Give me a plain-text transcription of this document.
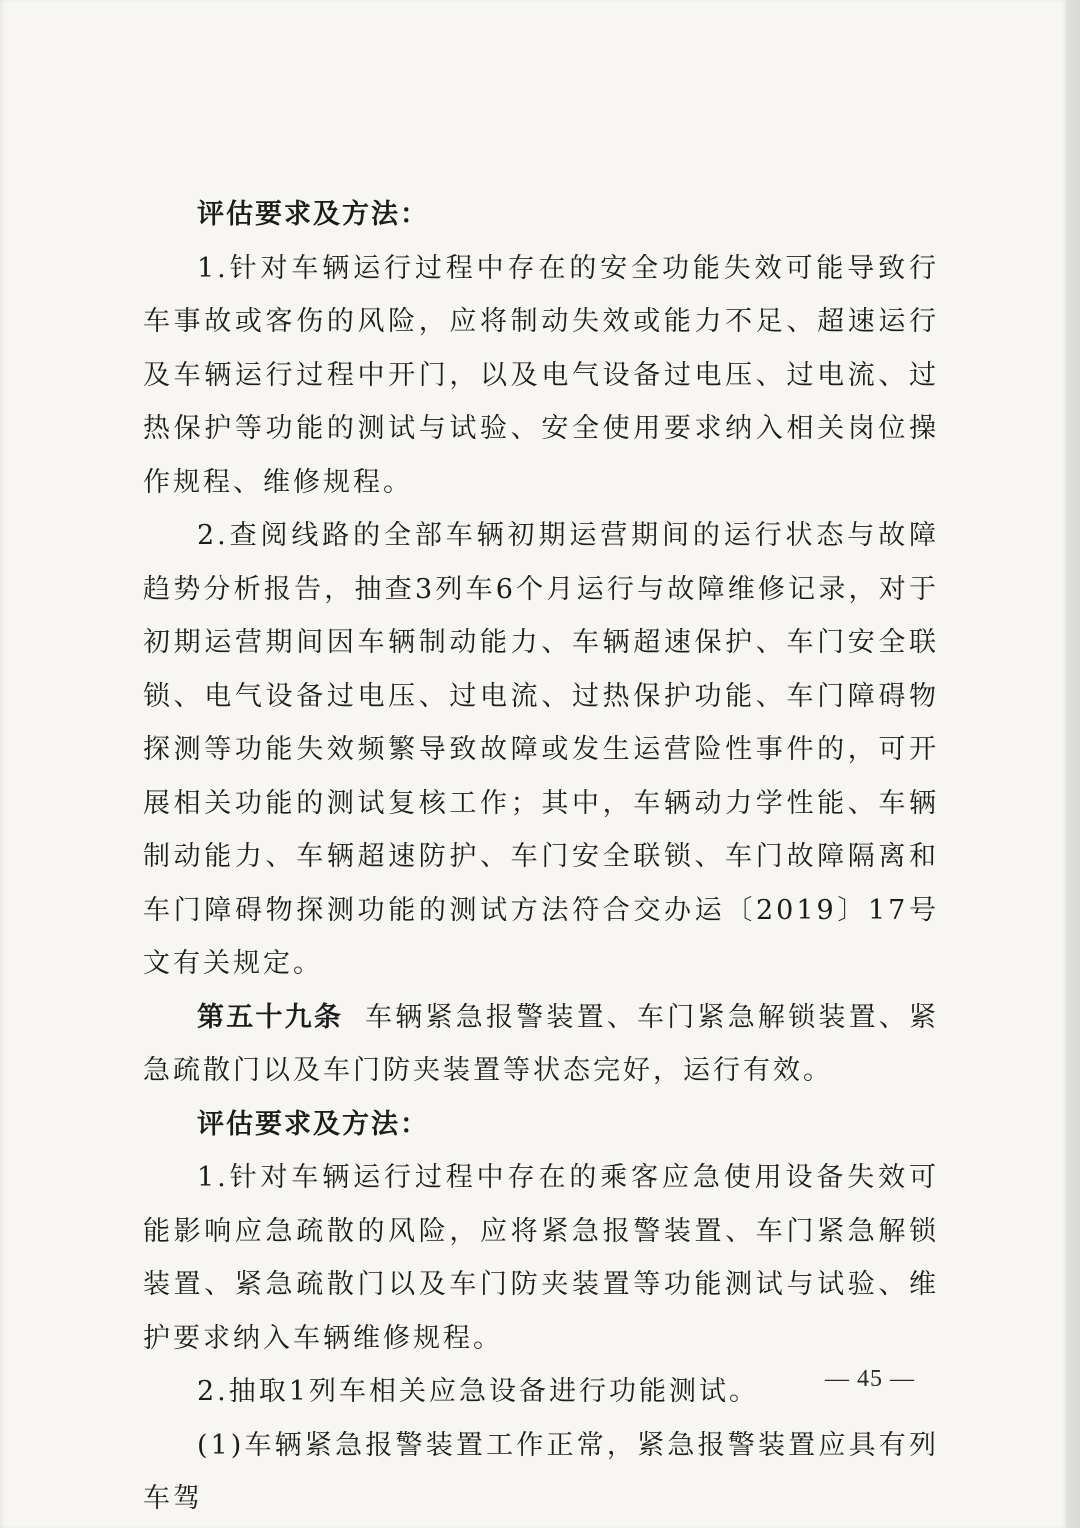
评估要求及方法：

1.针对车辆运行过程中存在的安全功能失效可能导致行车事故或客伤的风险，应将制动失效或能力不足、超速运行及车辆运行过程中开门，以及电气设备过电压、过电流、过热保护等功能的测试与试验、安全使用要求纳入相关岗位操作规程、维修规程。

2.查阅线路的全部车辆初期运营期间的运行状态与故障趋势分析报告，抽查3列车6个月运行与故障维修记录，对于初期运营期间因车辆制动能力、车辆超速保护、车门安全联锁、电气设备过电压、过电流、过热保护功能、车门障碍物探测等功能失效频繁导致故障或发生运营险性事件的，可开展相关功能的测试复核工作；其中，车辆动力学性能、车辆制动能力、车辆超速防护、车门安全联锁、车门故障隔离和车门障碍物探测功能的测试方法符合交办运〔2019〕17号文有关规定。

第五十九条 车辆紧急报警装置、车门紧急解锁装置、紧急疏散门以及车门防夹装置等状态完好，运行有效。

评估要求及方法：

1.针对车辆运行过程中存在的乘客应急使用设备失效可能影响应急疏散的风险，应将紧急报警装置、车门紧急解锁装置、紧急疏散门以及车门防夹装置等功能测试与试验、维护要求纳入车辆维修规程。

2.抽取1列车相关应急设备进行功能测试。

(1)车辆紧急报警装置工作正常，紧急报警装置应具有列车驾

— 45 —
